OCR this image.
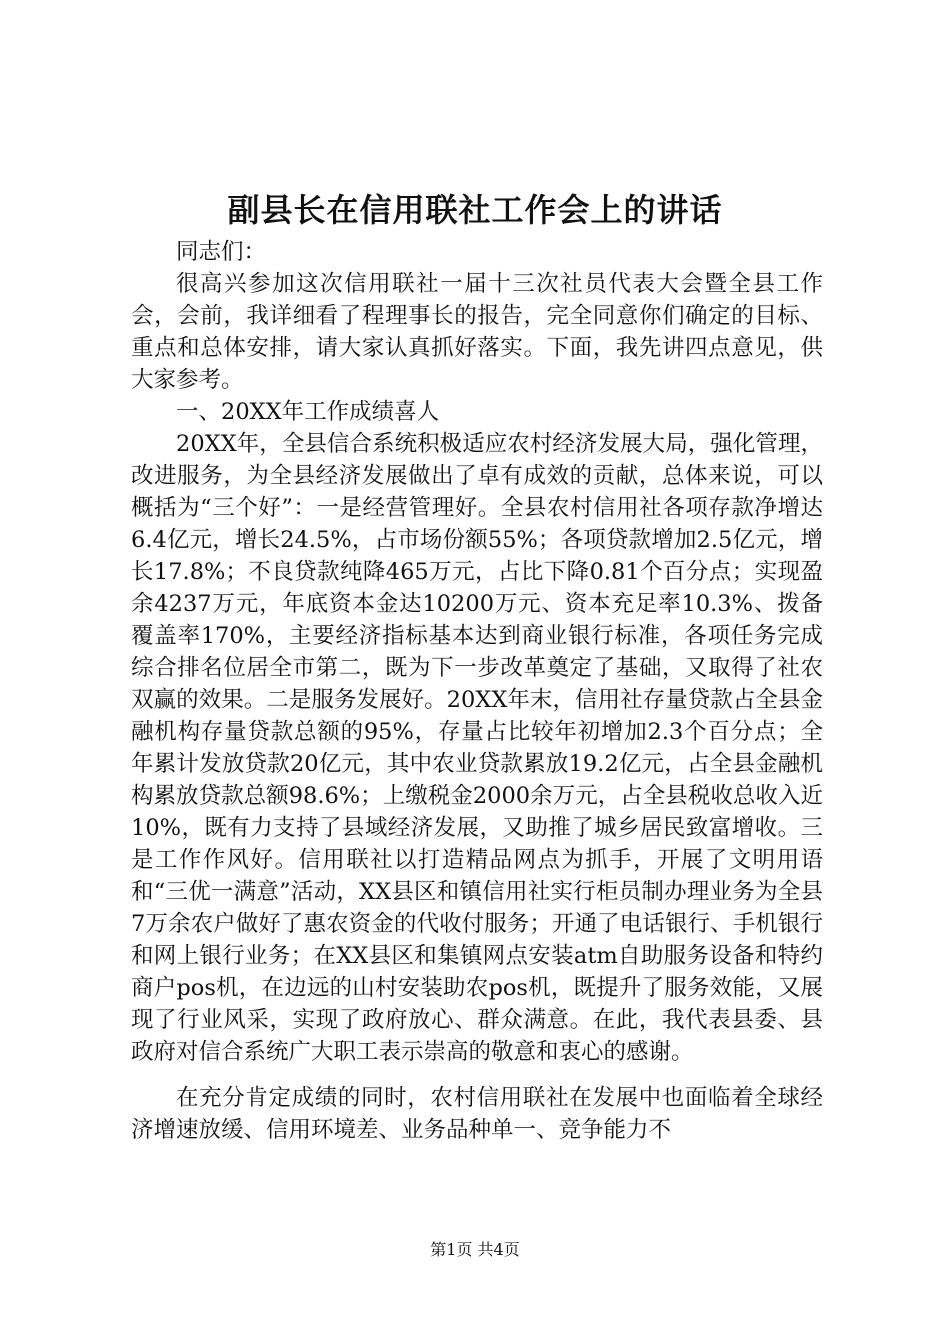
副县长在信用联社工作会上的讲话

同志们：

很高兴参加这次信用联社一届十三次社员代表大会暨全县工作会，会前，我详细看了程理事长的报告，完全同意你们确定的目标、重点和总体安排，请大家认真抓好落实。下面，我先讲四点意见，供大家参考。

一、20XX年工作成绩喜人

20XX年，全县信合系统积极适应农村经济发展大局，强化管理，改进服务，为全县经济发展做出了卓有成效的贡献，总体来说，可以概括为“三个好”：一是经营管理好。全县农村信用社各项存款净增达6.4亿元，增长24.5%，占市场份额55%；各项贷款增加2.5亿元，增长17.8%；不良贷款纯降465万元，占比下降0.81个百分点；实现盈余4237万元，年底资本金达10200万元、资本充足率10.3%、拨备覆盖率170%，主要经济指标基本达到商业银行标准，各项任务完成综合排名位居全市第二，既为下一步改革奠定了基础，又取得了社农双赢的效果。二是服务发展好。20XX年末，信用社存量贷款占全县金融机构存量贷款总额的95%，存量占比较年初增加2.3个百分点；全年累计发放贷款20亿元，其中农业贷款累放19.2亿元，占全县金融机构累放贷款总额98.6%；上缴税金2000余万元，占全县税收总收入近10%，既有力支持了县域经济发展，又助推了城乡居民致富增收。三是工作作风好。信用联社以打造精品网点为抓手，开展了文明用语和“三优一满意”活动，XX县区和镇信用社实行柜员制办理业务为全县7万余农户做好了惠农资金的代收付服务；开通了电话银行、手机银行和网上银行业务；在XX县区和集镇网点安装atm自助服务设备和特约商户pos机，在边远的山村安装助农pos机，既提升了服务效能，又展现了行业风采，实现了政府放心、群众满意。在此，我代表县委、县政府对信合系统广大职工表示崇高的敬意和衷心的感谢。

在充分肯定成绩的同时，农村信用联社在发展中也面临着全球经济增速放缓、信用环境差、业务品种单一、竞争能力不

第1页 共4页
